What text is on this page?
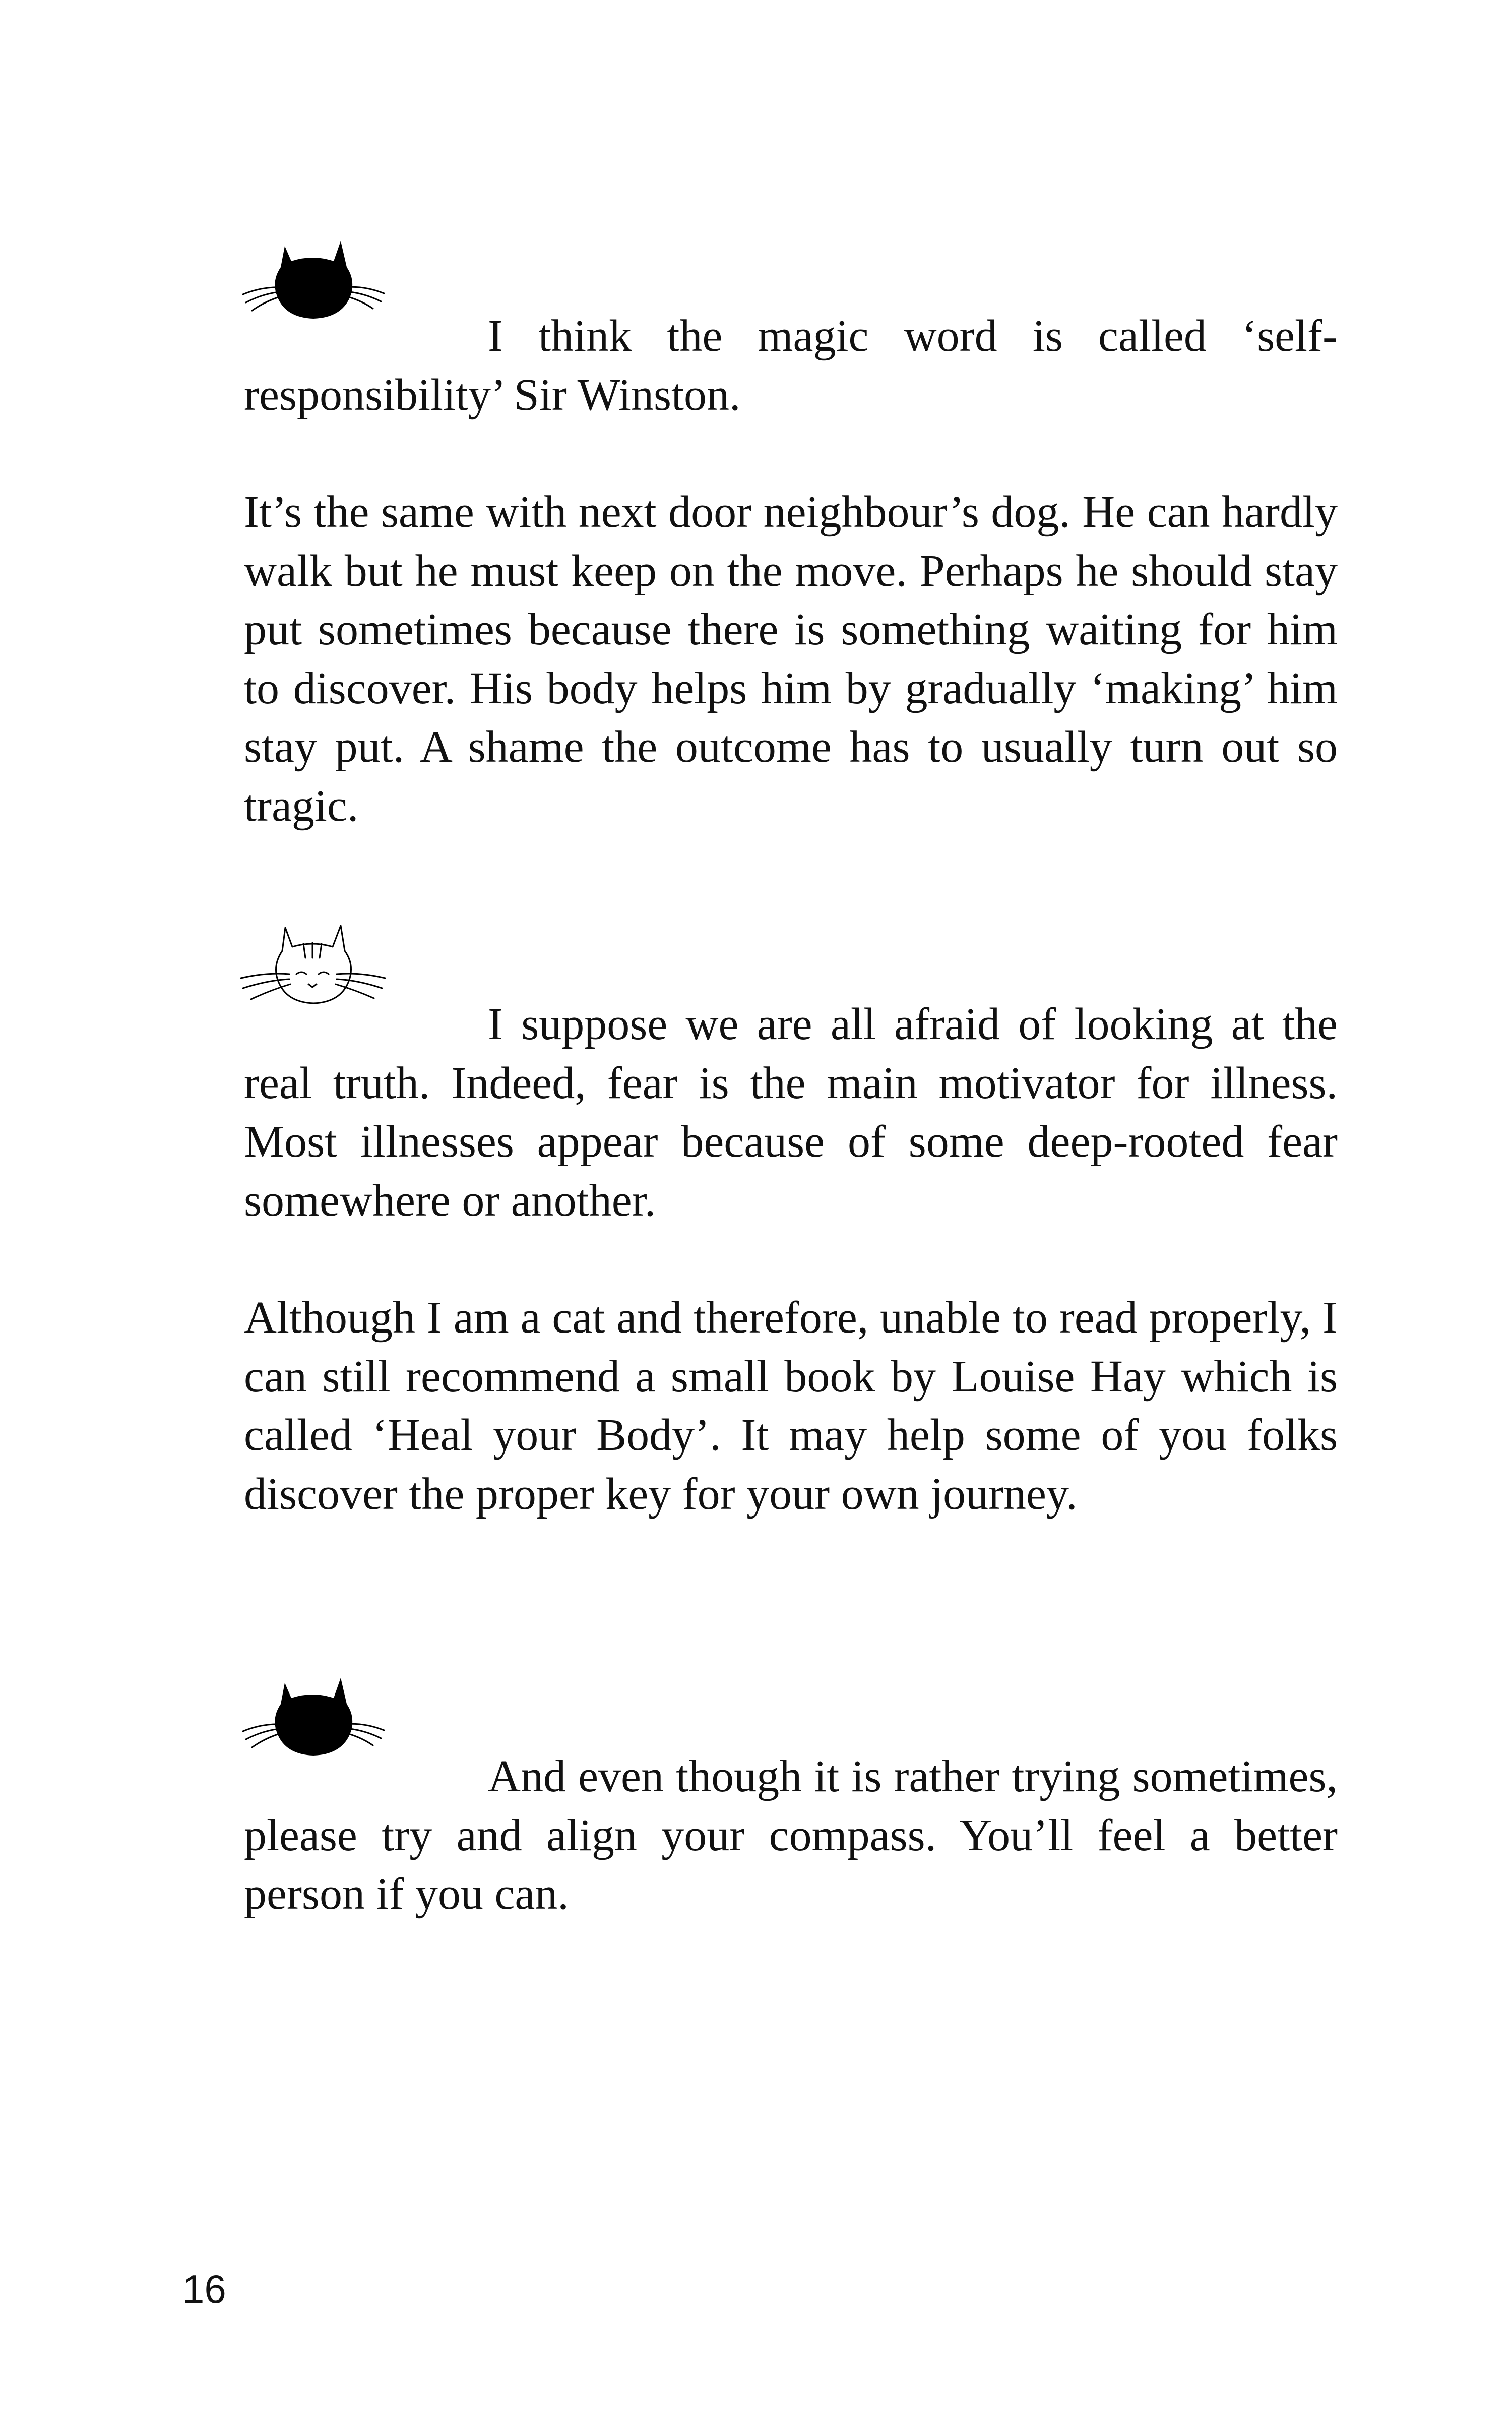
I think the magic word is called ‘self-responsibility’ Sir Winston.

It’s the same with next door neighbour’s dog. He can hardly walk but he must keep on the move. Perhaps he should stay put sometimes because there is something waiting for him to discover. His body helps him by gradually ‘making’ him stay put. A shame the outcome has to usually turn out so tragic.

I suppose we are all afraid of looking at the real truth. Indeed, fear is the main motivator for illness. Most illnesses appear because of some deep-rooted fear somewhere or another.

Although I am a cat and therefore, unable to read properly, I can still recommend a small book by Louise Hay which is called ‘Heal your Body’. It may help some of you folks discover the proper key for your own journey.

And even though it is rather trying sometimes, please try and align your compass. You’ll feel a better person if you can.

16
